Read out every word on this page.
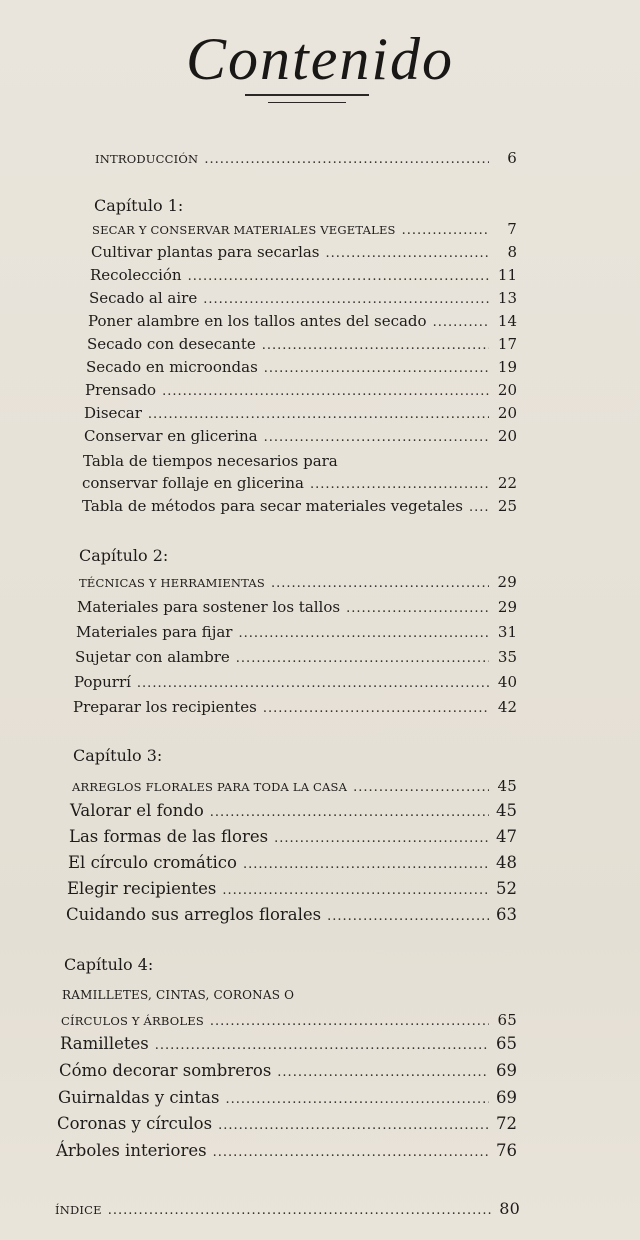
Contenido
INTRODUCCIÓN .....	6
Capítulo 1:
SECAR Y CONSERVAR MATERIALES VEGETALES .....	7
Cultivar plantas para secarlas .....	8
Recolección .....	11
Secado al aire .....	13
Poner alambre en los tallos antes del secado .....	14
Secado con desecante .....	17
Secado en microondas .....	19
Prensado .....	20
Disecar .....	20
Conservar en glicerina .....	20
Tabla de tiempos necesarios para
conservar follaje en glicerina .....	22
Tabla de métodos para secar materiales vegetales ..... 25
Capítulo 2:
TÉCNICAS Y HERRAMIENTAS .....	29
Materiales para sostener los tallos .....	29
Materiales para fijar .....	31
Sujetar con alambre .....	35
Popurrí .....	40
Preparar los recipientes .....	42
Capítulo 3:
ARREGLOS FLORALES PARA TODA LA CASA .....	45
Valorar el fondo .....	45
Las formas de las flores .....	47
El círculo cromático .....	48
Elegir recipientes .....	52
Cuidando sus arreglos florales .....	63
Capítulo 4:
RAMILLETES, CINTAS, CORONAS O
CÍRCULOS Y ÁRBOLES .....	65
Ramilletes .....	65
Cómo decorar sombreros .....	69
Guirnaldas y cintas .....	69
Coronas y círculos .....	72
Árboles interiores .....	76
ÍNDICE .....	80
